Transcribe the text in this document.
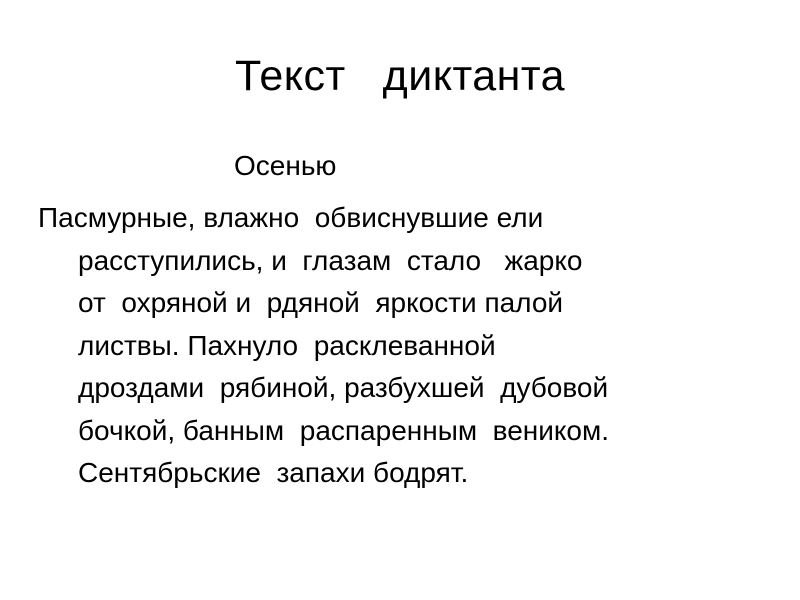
Текст  диктанта
Осенью
Пасмурные, влажно  обвиснувшие ели
расступились, и  глазам  стало   жарко
от  охряной и  рдяной  яркости палой
листвы. Пахнуло  расклеванной
дроздами  рябиной, разбухшей  дубовой
бочкой, банным  распаренным  веником.
Сентябрьские  запахи бодрят.
